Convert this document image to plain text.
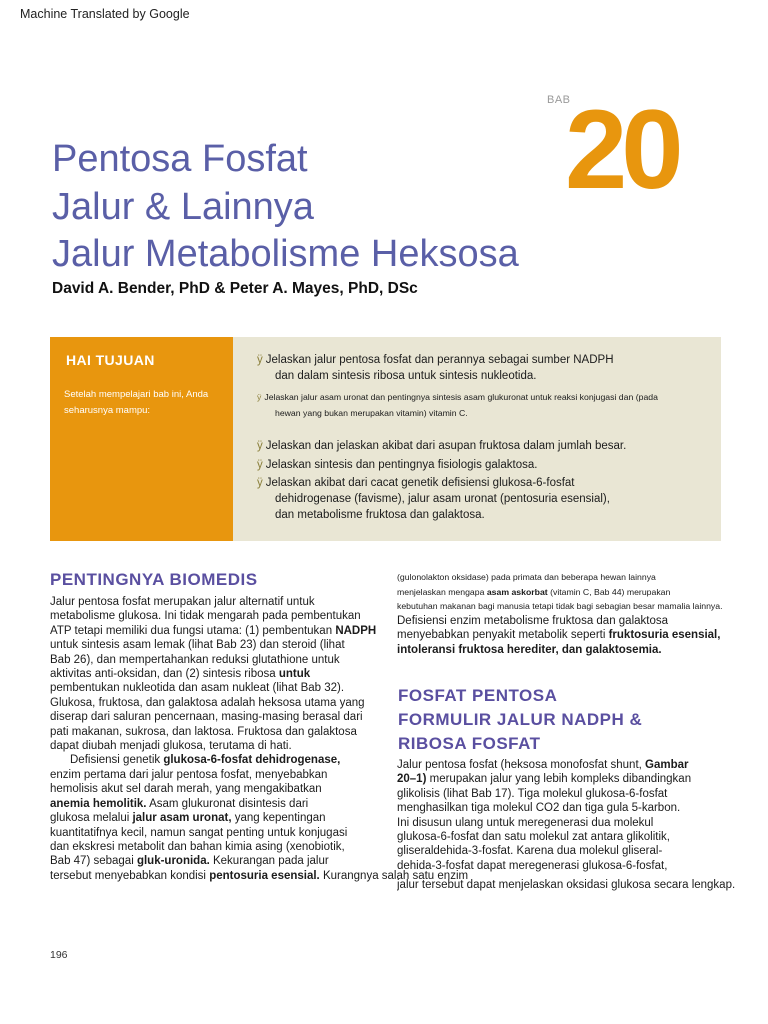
Machine Translated by Google
BAB
20
Pentosa Fosfat
Jalur & Lainnya
Jalur Metabolisme Heksosa
David A. Bender, PhD & Peter A. Mayes, PhD, DSc
HAI TUJUAN
Setelah mempelajari bab ini, Anda seharusnya mampu:
ÿ Jelaskan jalur pentosa fosfat dan perannya sebagai sumber NADPH
dan dalam sintesis ribosa untuk sintesis nukleotida.
ÿ Jelaskan jalur asam uronat dan pentingnya sintesis asam glukuronat untuk reaksi konjugasi dan (pada
hewan yang bukan merupakan vitamin) vitamin C.
ÿ Jelaskan dan jelaskan akibat dari asupan fruktosa dalam jumlah besar.
ÿ Jelaskan sintesis dan pentingnya fisiologis galaktosa.
ÿ Jelaskan akibat dari cacat genetik defisiensi glukosa-6-fosfat
dehidrogenase (favisme), jalur asam uronat (pentosuria esensial),
dan metabolisme fruktosa dan galaktosa.
PENTINGNYA BIOMEDIS
Jalur pentosa fosfat merupakan jalur alternatif untuk
metabolisme glukosa. Ini tidak mengarah pada pembentukan
ATP tetapi memiliki dua fungsi utama: (1) pembentukan NADPH
untuk sintesis asam lemak (lihat Bab 23) dan steroid (lihat
Bab 26), dan mempertahankan reduksi glutathione untuk
aktivitas anti-oksidan, dan (2) sintesis ribosa untuk
pembentukan nukleotida dan asam nukleat (lihat Bab 32).
Glukosa, fruktosa, dan galaktosa adalah heksosa utama yang
diserap dari saluran pencernaan, masing-masing berasal dari
pati makanan, sukrosa, dan laktosa. Fruktosa dan galaktosa
dapat diubah menjadi glukosa, terutama di hati.
Defisiensi genetik glukosa-6-fosfat dehidrogenase,
enzim pertama dari jalur pentosa fosfat, menyebabkan
hemolisis akut sel darah merah, yang mengakibatkan
anemia hemolitik. Asam glukuronat disintesis dari
glukosa melalui jalur asam uronat, yang kepentingan
kuantitatifnya kecil, namun sangat penting untuk konjugasi
dan ekskresi metabolit dan bahan kimia asing (xenobiotik,
Bab 47) sebagai gluk-uronida. Kekurangan pada jalur
tersebut menyebabkan kondisi pentosuria esensial. Kurangnya salah satu enzim
(gulonolakton oksidase) pada primata dan beberapa hewan lainnya
menjelaskan mengapa asam askorbat (vitamin C, Bab 44) merupakan
kebutuhan makanan bagi manusia tetapi tidak bagi sebagian besar mamalia lainnya.
Defisiensi enzim metabolisme fruktosa dan galaktosa
menyebabkan penyakit metabolik seperti fruktosuria esensial,
intoleransi fruktosa herediter, dan galaktosemia.
FOSFAT PENTOSA
FORMULIR JALUR NADPH &
RIBOSA FOSFAT
Jalur pentosa fosfat (heksosa monofosfat shunt, Gambar
20–1) merupakan jalur yang lebih kompleks dibandingkan
glikolisis (lihat Bab 17). Tiga molekul glukosa-6-fosfat
menghasilkan tiga molekul CO2 dan tiga gula 5-karbon.
Ini disusun ulang untuk meregenerasi dua molekul
glukosa-6-fosfat dan satu molekul zat antara glikolitik,
gliseraldehida-3-fosfat. Karena dua molekul gliseral-
dehida-3-fosfat dapat meregenerasi glukosa-6-fosfat,
jalur tersebut dapat menjelaskan oksidasi glukosa secara lengkap.
196
